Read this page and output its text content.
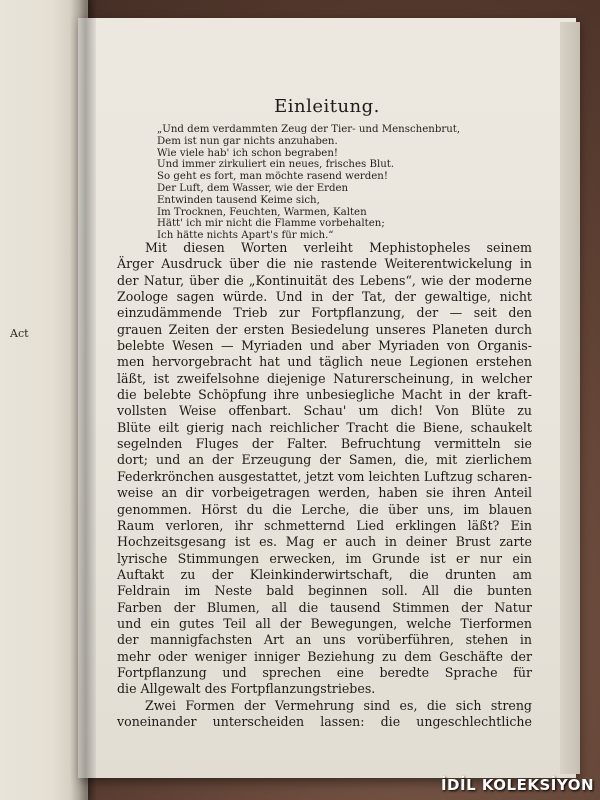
Act
Einleitung.
„Und dem verdammten Zeug der Tier- und Menschenbrut,
Dem ist nun gar nichts anzuhaben.
Wie viele hab' ich schon begraben!
Und immer zirkuliert ein neues, frisches Blut.
So geht es fort, man möchte rasend werden!
Der Luft, dem Wasser, wie der Erden
Entwinden tausend Keime sich,
Im Trocknen, Feuchten, Warmen, Kalten
Hätt' ich mir nicht die Flamme vorbehalten;
Ich hätte nichts Apart's für mich.“
Mit diesen Worten verleiht Mephistopheles seinem
Ärger Ausdruck über die nie rastende Weiterentwickelung in
der Natur, über die „Kontinuität des Lebens“, wie der moderne
Zoologe sagen würde. Und in der Tat, der gewaltige, nicht
einzudämmende Trieb zur Fortpflanzung, der — seit den
grauen Zeiten der ersten Besiedelung unseres Planeten durch
belebte Wesen — Myriaden und aber Myriaden von Organis-
men hervorgebracht hat und täglich neue Legionen erstehen
läßt, ist zweifelsohne diejenige Naturerscheinung, in welcher
die belebte Schöpfung ihre unbesiegliche Macht in der kraft-
vollsten Weise offenbart. Schau' um dich! Von Blüte zu
Blüte eilt gierig nach reichlicher Tracht die Biene, schaukelt
segelnden Fluges der Falter. Befruchtung vermitteln sie
dort; und an der Erzeugung der Samen, die, mit zierlichem
Federkrönchen ausgestattet, jetzt vom leichten Luftzug scharen-
weise an dir vorbeigetragen werden, haben sie ihren Anteil
genommen. Hörst du die Lerche, die über uns, im blauen
Raum verloren, ihr schmetternd Lied erklingen läßt? Ein
Hochzeitsgesang ist es. Mag er auch in deiner Brust zarte
lyrische Stimmungen erwecken, im Grunde ist er nur ein
Auftakt zu der Kleinkinderwirtschaft, die drunten am
Feldrain im Neste bald beginnen soll. All die bunten
Farben der Blumen, all die tausend Stimmen der Natur
und ein gutes Teil all der Bewegungen, welche Tierformen
der mannigfachsten Art an uns vorüberführen, stehen in
mehr oder weniger inniger Beziehung zu dem Geschäfte der
Fortpflanzung und sprechen eine beredte Sprache für
die Allgewalt des Fortpflanzungstriebes.
Zwei Formen der Vermehrung sind es, die sich streng
voneinander unterscheiden lassen: die ungeschlechtliche
İDİL KOLEKSİYON
